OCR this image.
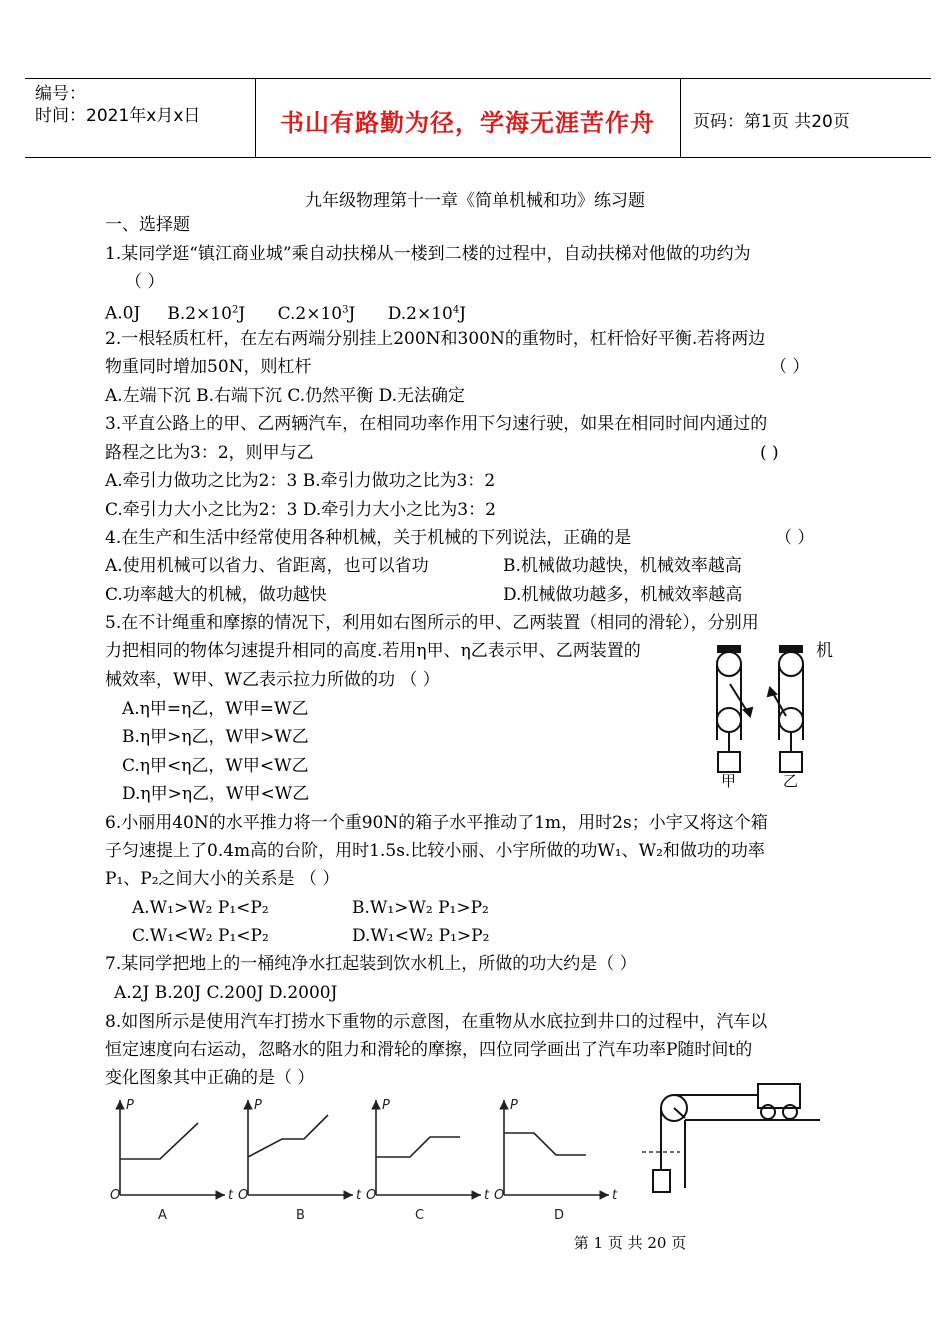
编号：
时间：2021年x月x日	书山有路勤为径，学海无涯苦作舟	页码：第1页 共20页
九年级物理第十一章《简单机械和功》练习题
一、选择题
1.某同学逛“镇江商业城”乘自动扶梯从一楼到二楼的过程中，自动扶梯对他做的功约为
（ ）
A.0J $B.2\times 10^2J$ $C.2\times 10^3J$ $D.2\times 10^4J$
2.一根轻质杠杆，在左右两端分别挂上200N和300N的重物时，杠杆恰好平衡.若将两边
物重同时增加50N，则杠杆	（ ）
A.左端下沉 B.右端下沉 C.仍然平衡 D.无法确定
3.平直公路上的甲、乙两辆汽车，在相同功率作用下匀速行驶，如果在相同时间内通过的
路程之比为3：2，则甲与乙	( )
A.牵引力做功之比为2：3 B.牵引力做功之比为3：2
C.牵引力大小之比为2：3 D.牵引力大小之比为3：2
4.在生产和生活中经常使用各种机械，关于机械的下列说法，正确的是	（ ）
A.使用机械可以省力、省距离，也可以省功	B.机械做功越快，机械效率越高
C.功率越大的机械，做功越快	D.机械做功越多，机械效率越高
5.在不计绳重和摩擦的情况下，利用如右图所示的甲、乙两装置（相同的滑轮），分别用
力把相同的物体匀速提升相同的高度.若用η甲、η乙表示甲、乙两装置的	机
械效率，W甲、W乙表示拉力所做的功 （ ）
A.η甲=η乙，W甲=W乙
B.η甲>η乙，W甲>W乙
C.η甲<η乙，W甲<W乙
D.η甲>η乙，W甲<W乙
甲	乙
6.小丽用40N的水平推力将一个重90N的箱子水平推动了1m，用时2s；小宇又将这个箱
子匀速提上了0.4m高的台阶，用时1.5s.比较小丽、小宇所做的功W₁、W₂和做功的功率
P₁、P₂之间大小的关系是 （ ）
A.W₁>W₂ P₁<P₂	B.W₁>W₂ P₁>P₂
C.W₁<W₂ P₁<P₂	D.W₁<W₂ P₁>P₂
7.某同学把地上的一桶纯净水扛起装到饮水机上，所做的功大约是（ ）
A.2J B.20J C.200J D.2000J
8.如图所示是使用汽车打捞水下重物的示意图，在重物从水底拉到井口的过程中，汽车以
恒定速度向右运动，忽略水的阻力和滑轮的摩擦，四位同学画出了汽车功率P随时间t的
变化图象其中正确的是（ ）
P
t
O
P
t
O
P
t
O
P
t
O
A	B	C	D
第 1 页 共 20 页
